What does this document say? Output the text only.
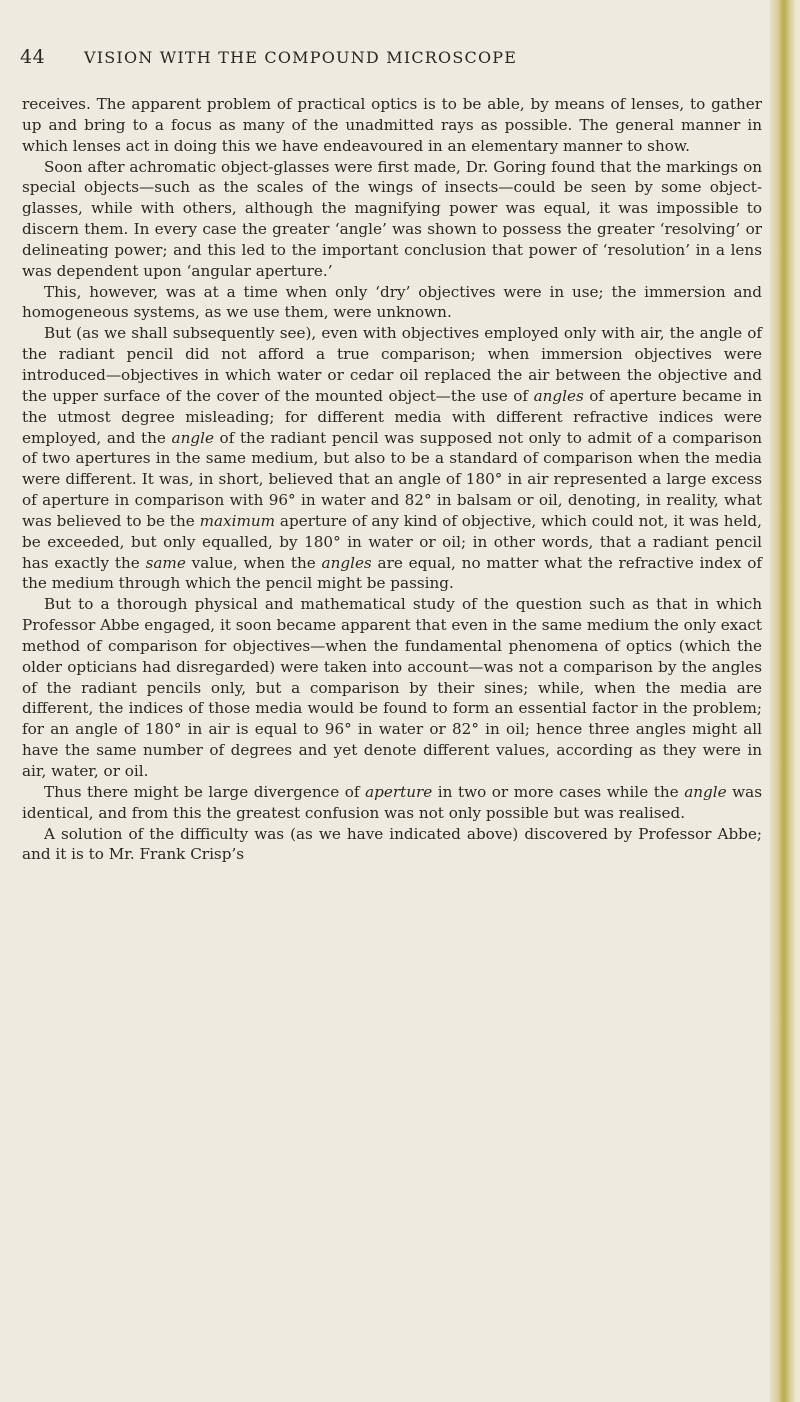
44 VISION WITH THE COMPOUND MICROSCOPE

receives. The apparent problem of practical optics is to be able, by means of lenses, to gather up and bring to a focus as many of the unadmitted rays as possible. The general manner in which lenses act in doing this we have endeavoured in an elementary manner to show.

Soon after achromatic object-glasses were first made, Dr. Goring found that the markings on special objects—such as the scales of the wings of insects—could be seen by some object-glasses, while with others, although the magnifying power was equal, it was impossible to discern them. In every case the greater ‘angle’ was shown to possess the greater ‘resolving’ or delineating power; and this led to the important conclusion that power of ‘resolution’ in a lens was dependent upon ‘angular aperture.’

This, however, was at a time when only ‘dry’ objectives were in use; the immersion and homogeneous systems, as we use them, were unknown.

But (as we shall subsequently see), even with objectives employed only with air, the angle of the radiant pencil did not afford a true comparison; when immersion objectives were introduced—objectives in which water or cedar oil replaced the air between the objective and the upper surface of the cover of the mounted object—the use of angles of aperture became in the utmost degree misleading; for different media with different refractive indices were employed, and the angle of the radiant pencil was supposed not only to admit of a comparison of two apertures in the same medium, but also to be a standard of comparison when the media were different. It was, in short, believed that an angle of 180° in air represented a large excess of aperture in comparison with 96° in water and 82° in balsam or oil, denoting, in reality, what was believed to be the maximum aperture of any kind of objective, which could not, it was held, be exceeded, but only equalled, by 180° in water or oil; in other words, that a radiant pencil has exactly the same value, when the angles are equal, no matter what the refractive index of the medium through which the pencil might be passing.

But to a thorough physical and mathematical study of the question such as that in which Professor Abbe engaged, it soon became apparent that even in the same medium the only exact method of comparison for objectives—when the fundamental phenomena of optics (which the older opticians had disregarded) were taken into account—was not a comparison by the angles of the radiant pencils only, but a comparison by their sines; while, when the media are different, the indices of those media would be found to form an essential factor in the problem; for an angle of 180° in air is equal to 96° in water or 82° in oil; hence three angles might all have the same number of degrees and yet denote different values, according as they were in air, water, or oil.

Thus there might be large divergence of aperture in two or more cases while the angle was identical, and from this the greatest confusion was not only possible but was realised.

A solution of the difficulty was (as we have indicated above) discovered by Professor Abbe; and it is to Mr. Frank Crisp’s
